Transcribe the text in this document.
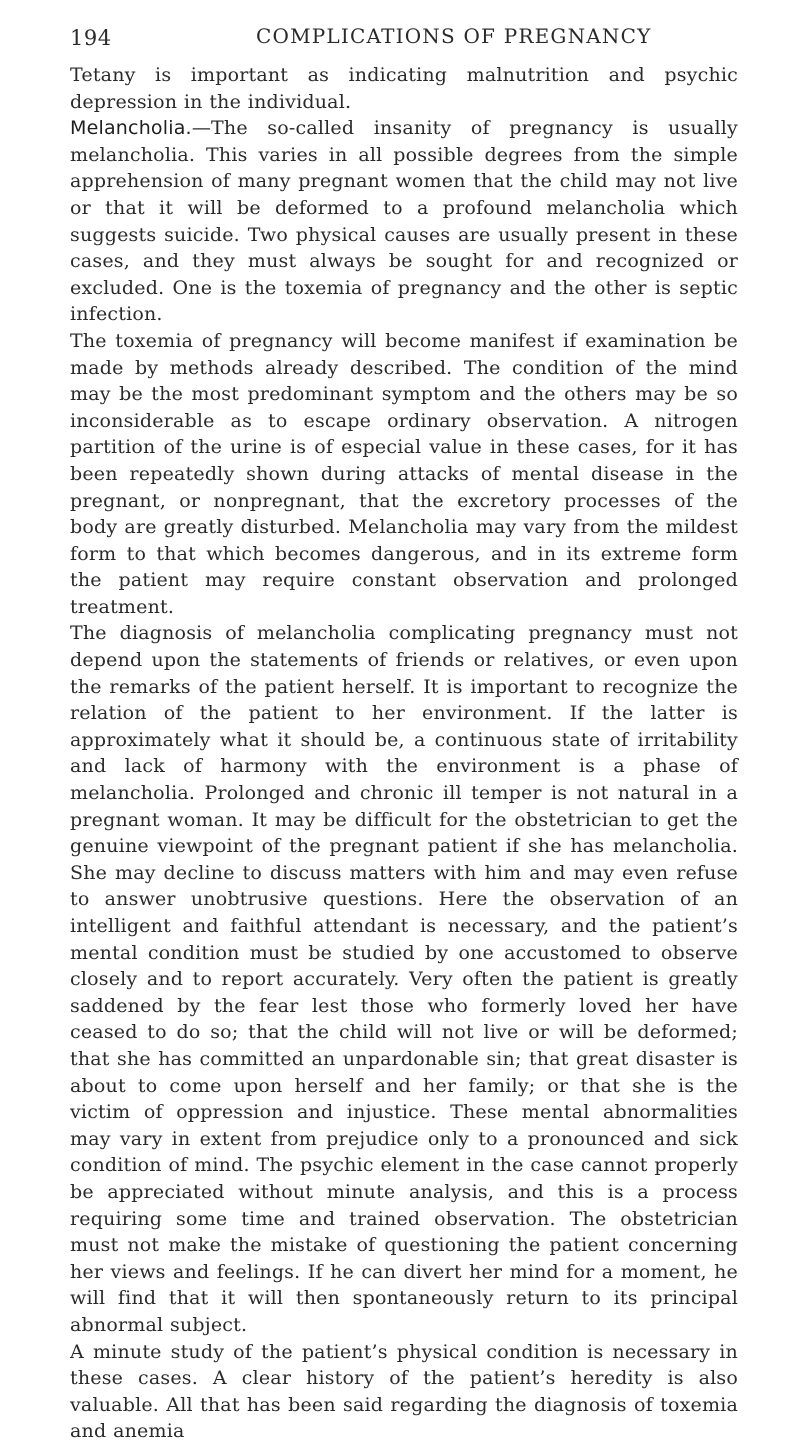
194	COMPLICATIONS OF PREGNANCY

Tetany is important as indicating malnutrition and psychic depression in the individual.

Melancholia.—The so-called insanity of pregnancy is usually melancholia. This varies in all possible degrees from the simple apprehension of many pregnant women that the child may not live or that it will be deformed to a profound melancholia which suggests suicide. Two physical causes are usually present in these cases, and they must always be sought for and recognized or excluded. One is the toxemia of pregnancy and the other is septic infection.

The toxemia of pregnancy will become manifest if examination be made by methods already described. The condition of the mind may be the most predominant symptom and the others may be so inconsiderable as to escape ordinary observation. A nitrogen partition of the urine is of especial value in these cases, for it has been repeatedly shown during attacks of mental disease in the pregnant, or nonpregnant, that the excretory processes of the body are greatly disturbed. Melancholia may vary from the mildest form to that which becomes dangerous, and in its extreme form the patient may require constant observation and prolonged treatment.

The diagnosis of melancholia complicating pregnancy must not depend upon the statements of friends or relatives, or even upon the remarks of the patient herself. It is important to recognize the relation of the patient to her environment. If the latter is approximately what it should be, a continuous state of irritability and lack of harmony with the environment is a phase of melancholia. Prolonged and chronic ill temper is not natural in a pregnant woman. It may be difficult for the obstetrician to get the genuine viewpoint of the pregnant patient if she has melancholia. She may decline to discuss matters with him and may even refuse to answer unobtrusive questions. Here the observation of an intelligent and faithful attendant is necessary, and the patient’s mental condition must be studied by one accustomed to observe closely and to report accurately. Very often the patient is greatly saddened by the fear lest those who formerly loved her have ceased to do so; that the child will not live or will be deformed; that she has committed an unpardonable sin; that great disaster is about to come upon herself and her family; or that she is the victim of oppression and injustice. These mental abnormalities may vary in extent from prejudice only to a pronounced and sick condition of mind. The psychic element in the case cannot properly be appreciated without minute analysis, and this is a process requiring some time and trained observation. The obstetrician must not make the mistake of questioning the patient concerning her views and feelings. If he can divert her mind for a moment, he will find that it will then spontaneously return to its principal abnormal subject.

A minute study of the patient’s physical condition is necessary in these cases. A clear history of the patient’s heredity is also valuable. All that has been said regarding the diagnosis of toxemia and anemia
